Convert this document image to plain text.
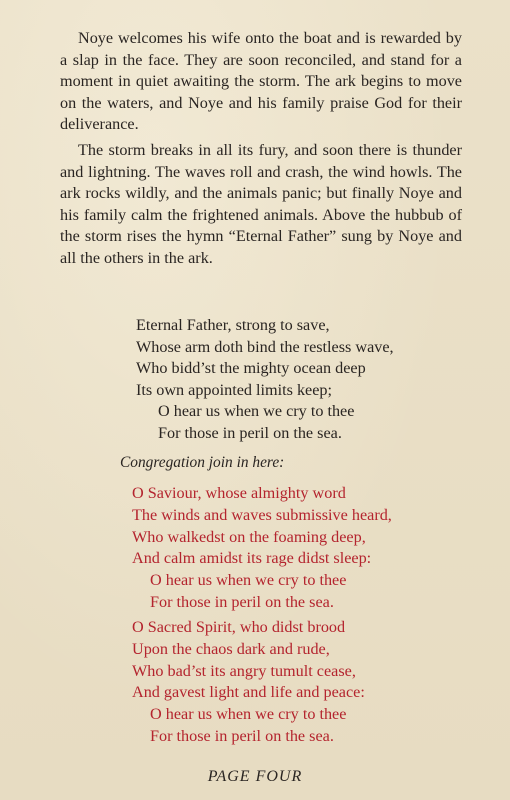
Noye welcomes his wife onto the boat and is rewarded by a slap in the face. They are soon reconciled, and stand for a moment in quiet awaiting the storm. The ark begins to move on the waters, and Noye and his family praise God for their deliverance.

The storm breaks in all its fury, and soon there is thunder and lightning. The waves roll and crash, the wind howls. The ark rocks wildly, and the animals panic; but finally Noye and his family calm the frightened animals. Above the hubbub of the storm rises the hymn “Eternal Father” sung by Noye and all the others in the ark.

Eternal Father, strong to save,
Whose arm doth bind the restless wave,
Who bidd’st the mighty ocean deep
Its own appointed limits keep;
O hear us when we cry to thee
For those in peril on the sea.
Congregation join in here:
O Saviour, whose almighty word
The winds and waves submissive heard,
Who walkedst on the foaming deep,
And calm amidst its rage didst sleep:
O hear us when we cry to thee
For those in peril on the sea.
O Sacred Spirit, who didst brood
Upon the chaos dark and rude,
Who bad’st its angry tumult cease,
And gavest light and life and peace:
O hear us when we cry to thee
For those in peril on the sea.
PAGE FOUR
